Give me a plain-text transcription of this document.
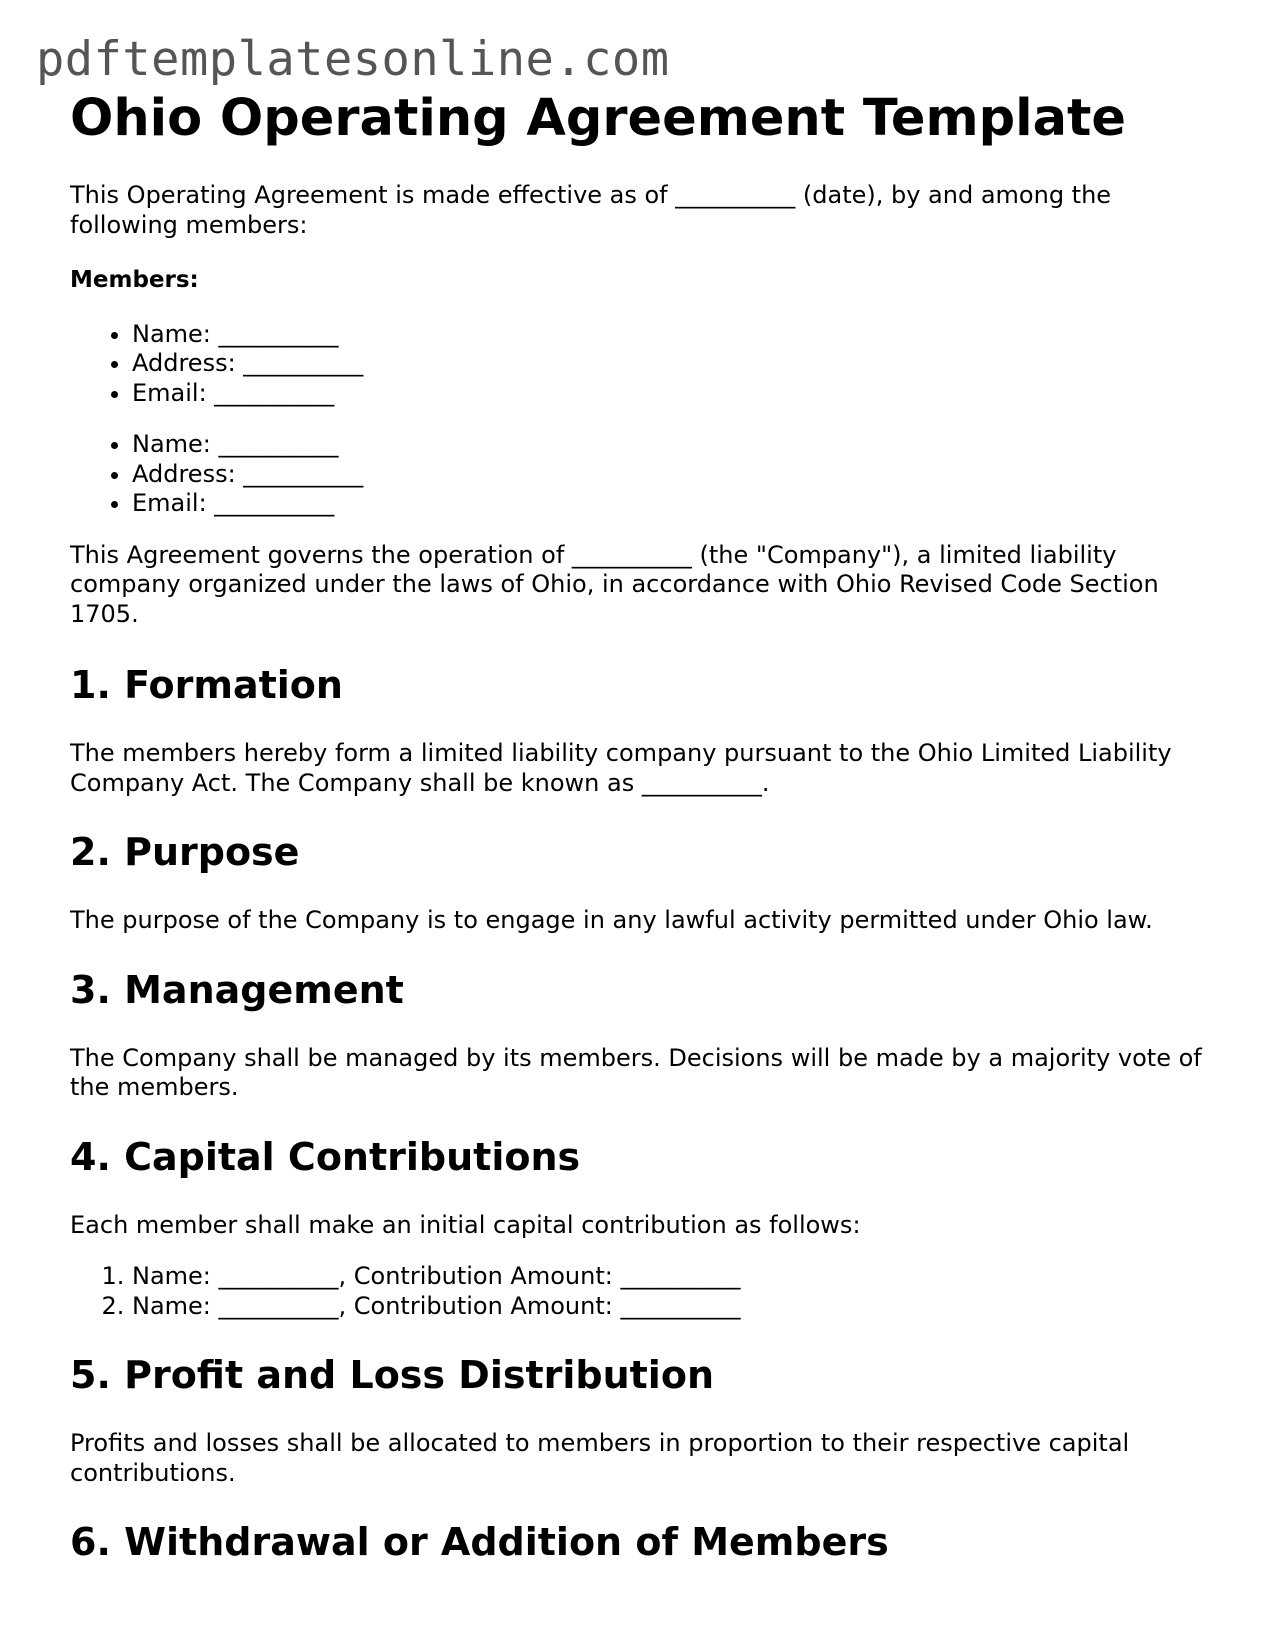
pdftemplatesonline.com
Ohio Operating Agreement Template

This Operating Agreement is made effective as of __________ (date), by and among the following members:

Members:

• Name: __________
• Address: __________
• Email: __________
• Name: __________
• Address: __________
• Email: __________

This Agreement governs the operation of __________ (the "Company"), a limited liability company organized under the laws of Ohio, in accordance with Ohio Revised Code Section 1705.

1. Formation

The members hereby form a limited liability company pursuant to the Ohio Limited Liability Company Act. The Company shall be known as __________.

2. Purpose

The purpose of the Company is to engage in any lawful activity permitted under Ohio law.

3. Management

The Company shall be managed by its members. Decisions will be made by a majority vote of the members.

4. Capital Contributions

Each member shall make an initial capital contribution as follows:

1. Name: __________, Contribution Amount: __________
2. Name: __________, Contribution Amount: __________
5. Profit and Loss Distribution

Profits and losses shall be allocated to members in proportion to their respective capital contributions.

6. Withdrawal or Addition of Members
